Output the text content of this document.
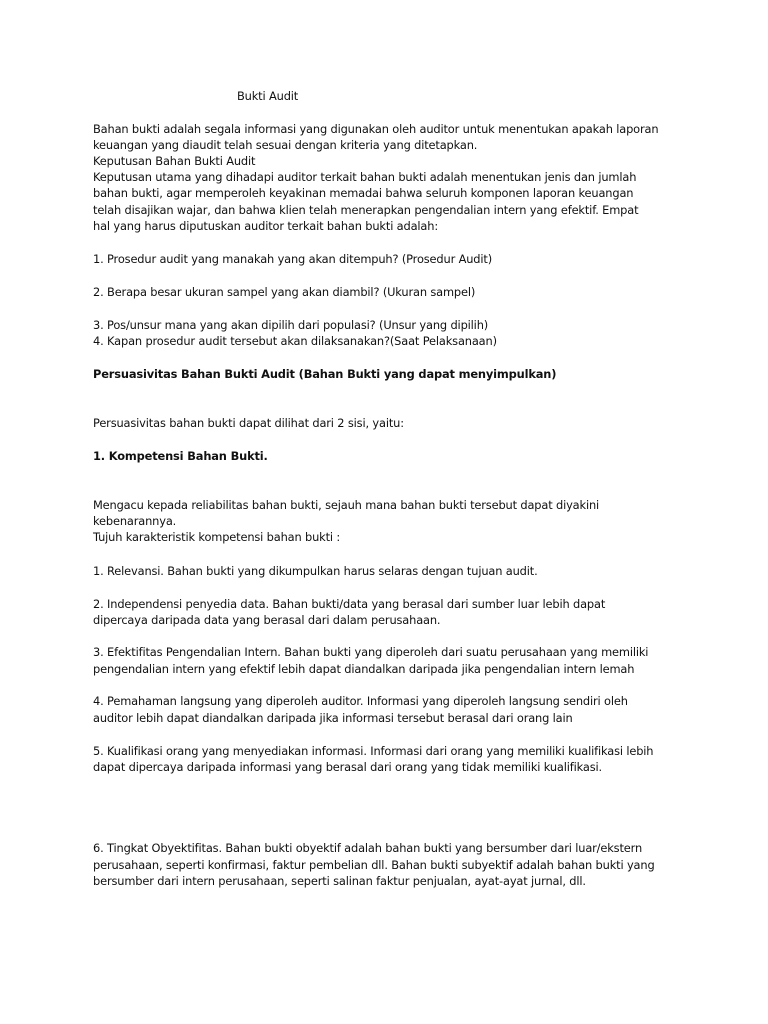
Bukti Audit
Bahan bukti adalah segala informasi yang digunakan oleh auditor untuk menentukan apakah laporan
keuangan yang diaudit telah sesuai dengan kriteria yang ditetapkan.
Keputusan Bahan Bukti Audit
Keputusan utama yang dihadapi auditor terkait bahan bukti adalah menentukan jenis dan jumlah
bahan bukti, agar memperoleh keyakinan memadai bahwa seluruh komponen laporan keuangan
telah disajikan wajar, dan bahwa klien telah menerapkan pengendalian intern yang efektif. Empat
hal yang harus diputuskan auditor terkait bahan bukti adalah:
1. Prosedur audit yang manakah yang akan ditempuh? (Prosedur Audit)
2. Berapa besar ukuran sampel yang akan diambil? (Ukuran sampel)
3. Pos/unsur mana yang akan dipilih dari populasi? (Unsur yang dipilih)
4. Kapan prosedur audit tersebut akan dilaksanakan?(Saat Pelaksanaan)
Persuasivitas Bahan Bukti Audit (Bahan Bukti yang dapat menyimpulkan)
Persuasivitas bahan bukti dapat dilihat dari 2 sisi, yaitu:
1. Kompetensi Bahan Bukti.
Mengacu kepada reliabilitas bahan bukti, sejauh mana bahan bukti tersebut dapat diyakini
kebenarannya.
Tujuh karakteristik kompetensi bahan bukti :
1. Relevansi. Bahan bukti yang dikumpulkan harus selaras dengan tujuan audit.
2. Independensi penyedia data. Bahan bukti/data yang berasal dari sumber luar lebih dapat
dipercaya daripada data yang berasal dari dalam perusahaan.
3. Efektifitas Pengendalian Intern. Bahan bukti yang diperoleh dari suatu perusahaan yang memiliki
pengendalian intern yang efektif lebih dapat diandalkan daripada jika pengendalian intern lemah
4. Pemahaman langsung yang diperoleh auditor. Informasi yang diperoleh langsung sendiri oleh
auditor lebih dapat diandalkan daripada jika informasi tersebut berasal dari orang lain
5. Kualifikasi orang yang menyediakan informasi. Informasi dari orang yang memiliki kualifikasi lebih
dapat dipercaya daripada informasi yang berasal dari orang yang tidak memiliki kualifikasi.
6. Tingkat Obyektifitas. Bahan bukti obyektif adalah bahan bukti yang bersumber dari luar/ekstern
perusahaan, seperti konfirmasi, faktur pembelian dll. Bahan bukti subyektif adalah bahan bukti yang
bersumber dari intern perusahaan, seperti salinan faktur penjualan, ayat-ayat jurnal, dll.
